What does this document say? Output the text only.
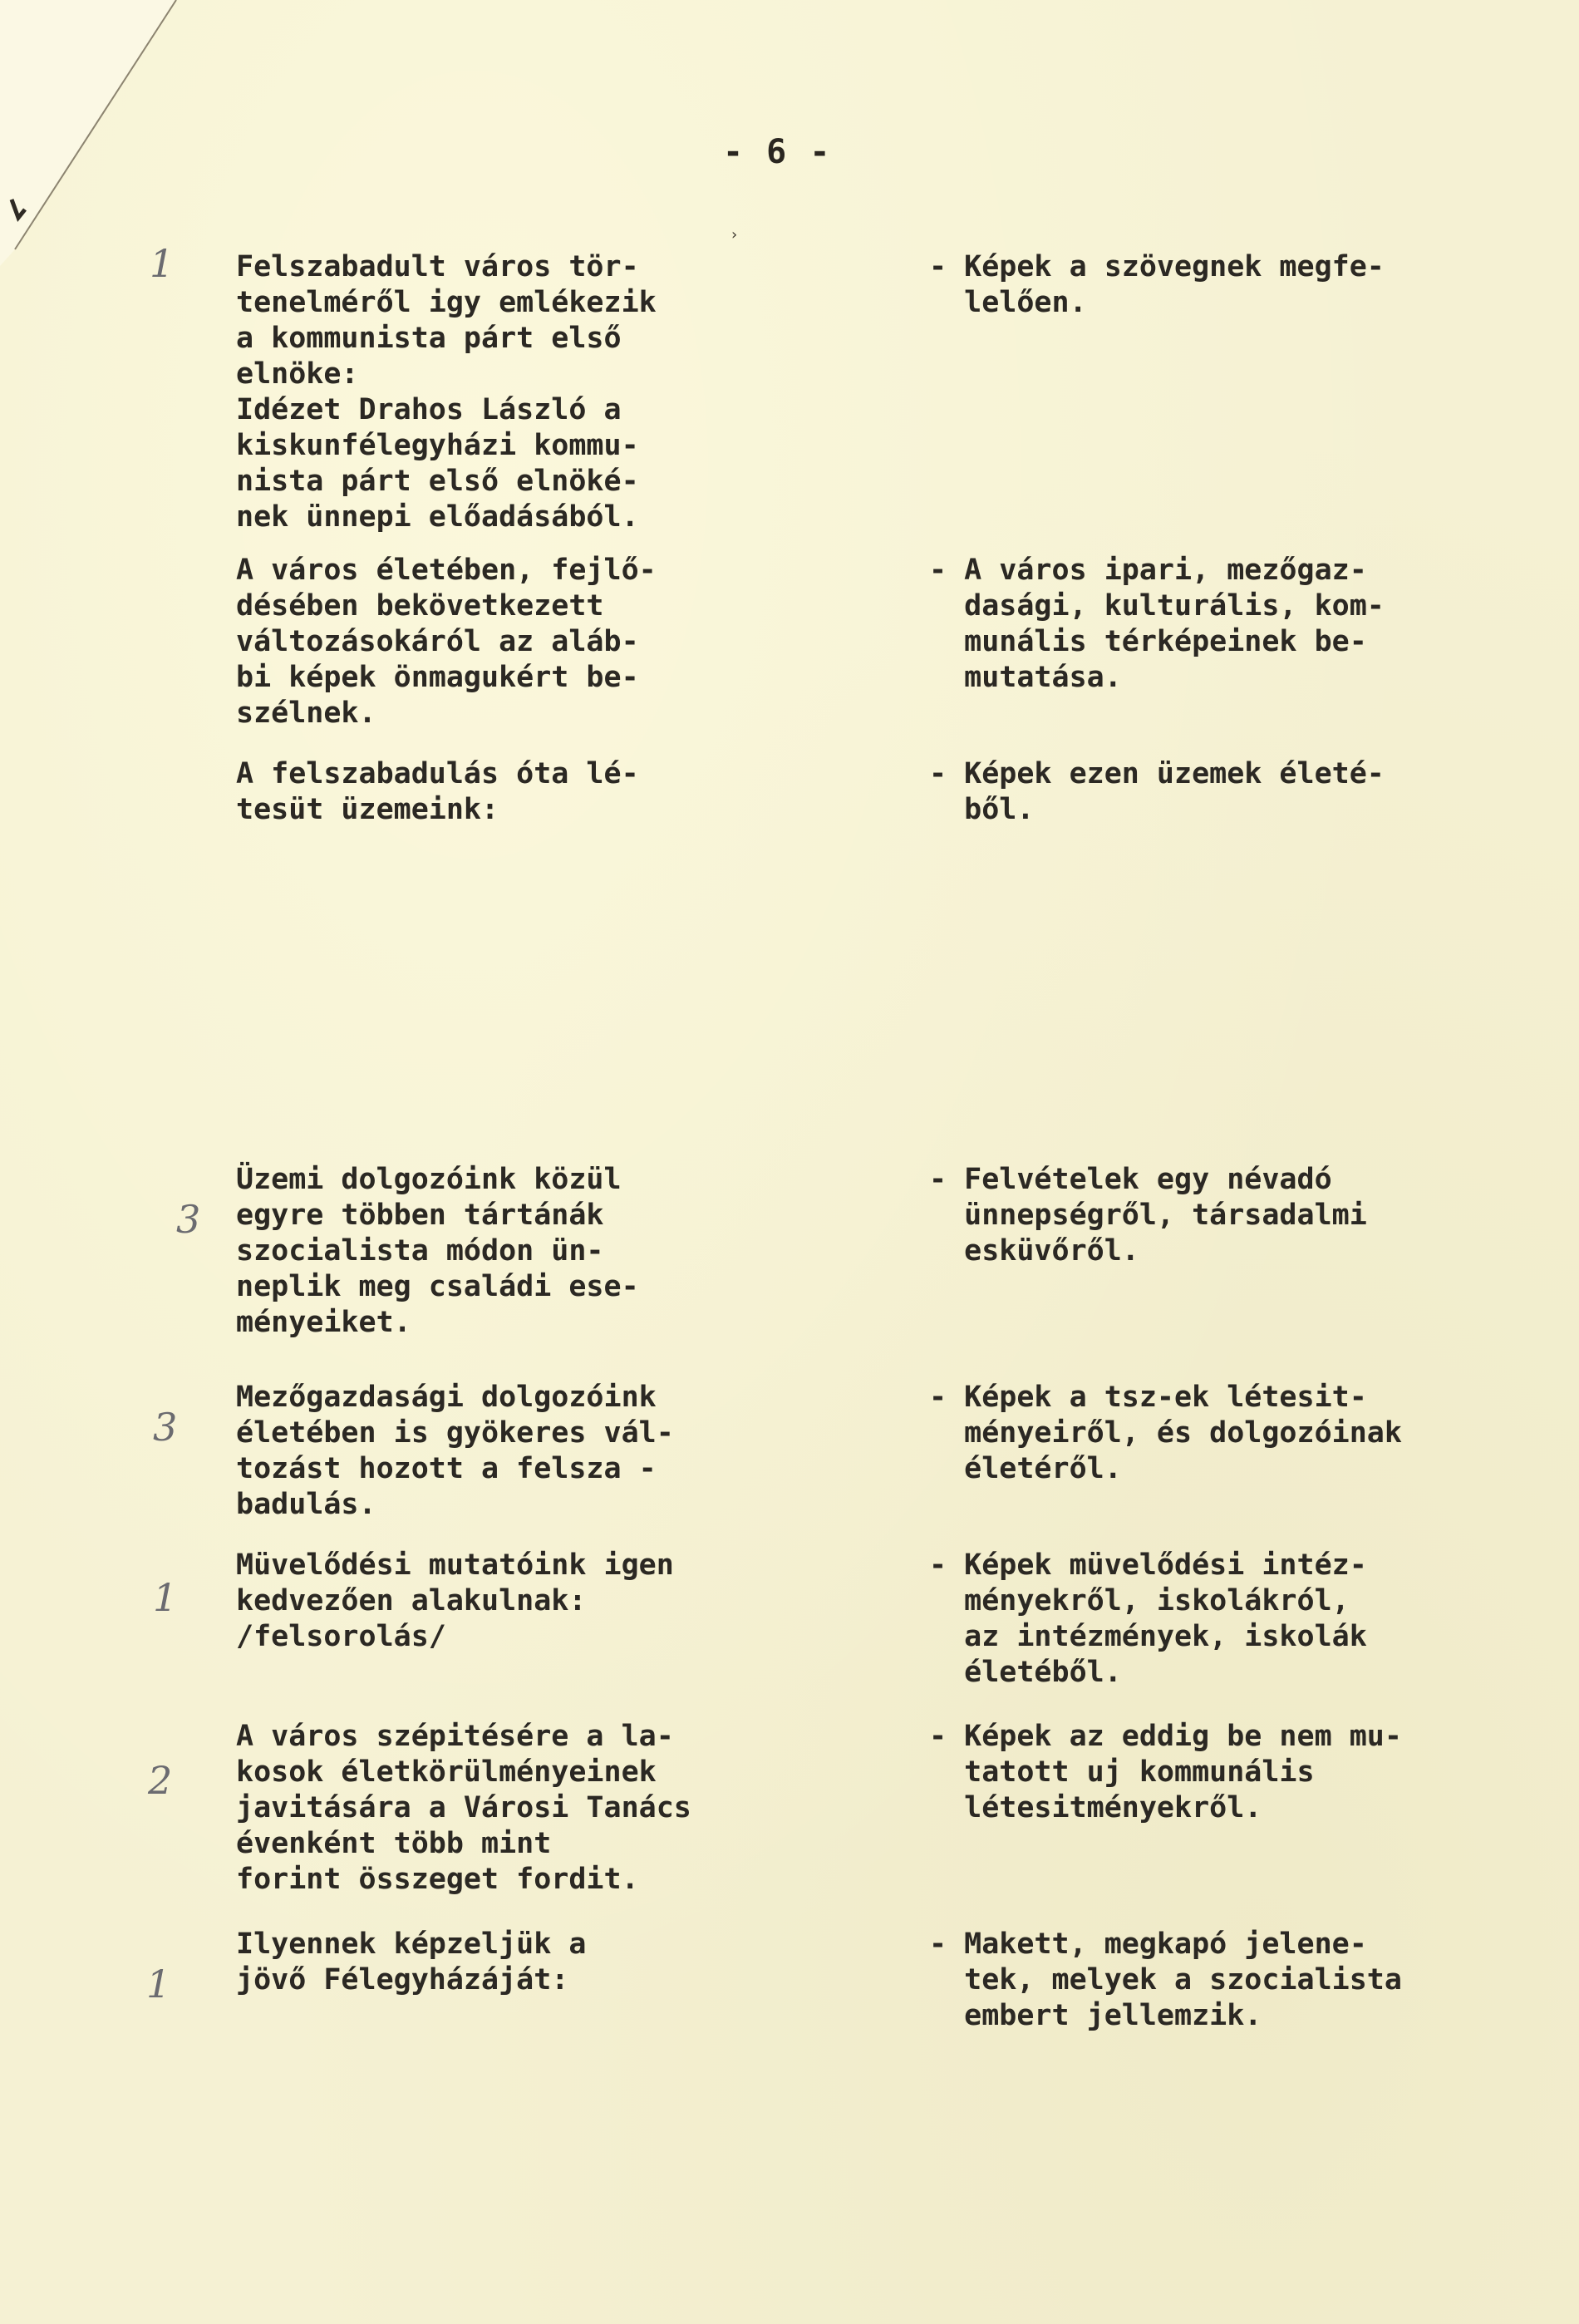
- 6 -
›
1 Felszabadult város tör-
tenelméről igy emlékezik
a kommunista párt első
elnöke:
Idézet Drahos László a
kiskunfélegyházi kommu-
nista párt első elnöké-
nek ünnepi előadásából.
- Képek a szövegnek megfe-
lelően.
A város életében, fejlő-
désében bekövetkezett
változásokáról az aláb-
bi képek önmagukért be-
szélnek.
- A város ipari, mezőgaz-
dasági, kulturális, kom-
munális térképeinek be-
mutatása.
A felszabadulás óta lé-
tesüt üzemeink:
- Képek ezen üzemek életé-
ből.
3
Üzemi dolgozóink közül
egyre többen tártánák
szocialista módon ün-
neplik meg családi ese-
ményeiket.
- Felvételek egy névadó
ünnepségről, társadalmi
esküvőről.
3
Mezőgazdasági dolgozóink
életében is gyökeres vál-
tozást hozott a felsza -
badulás.
- Képek a tsz-ek létesit-
ményeiről, és dolgozóinak
életéről.
1
Müvelődési mutatóink igen
kedvezően alakulnak:
/felsorolás/
- Képek müvelődési intéz-
ményekről, iskolákról,
az intézmények, iskolák
életéből.
2
A város szépitésére a la-
kosok életkörülményeinek
javitására a Városi Tanács
évenként több mint
forint összeget fordit.
- Képek az eddig be nem mu-
tatott uj kommunális
létesitményekről.
1
Ilyennek képzeljük a
jövő Félegyházáját:
- Makett, megkapó jelene-
tek, melyek a szocialista
embert jellemzik.
